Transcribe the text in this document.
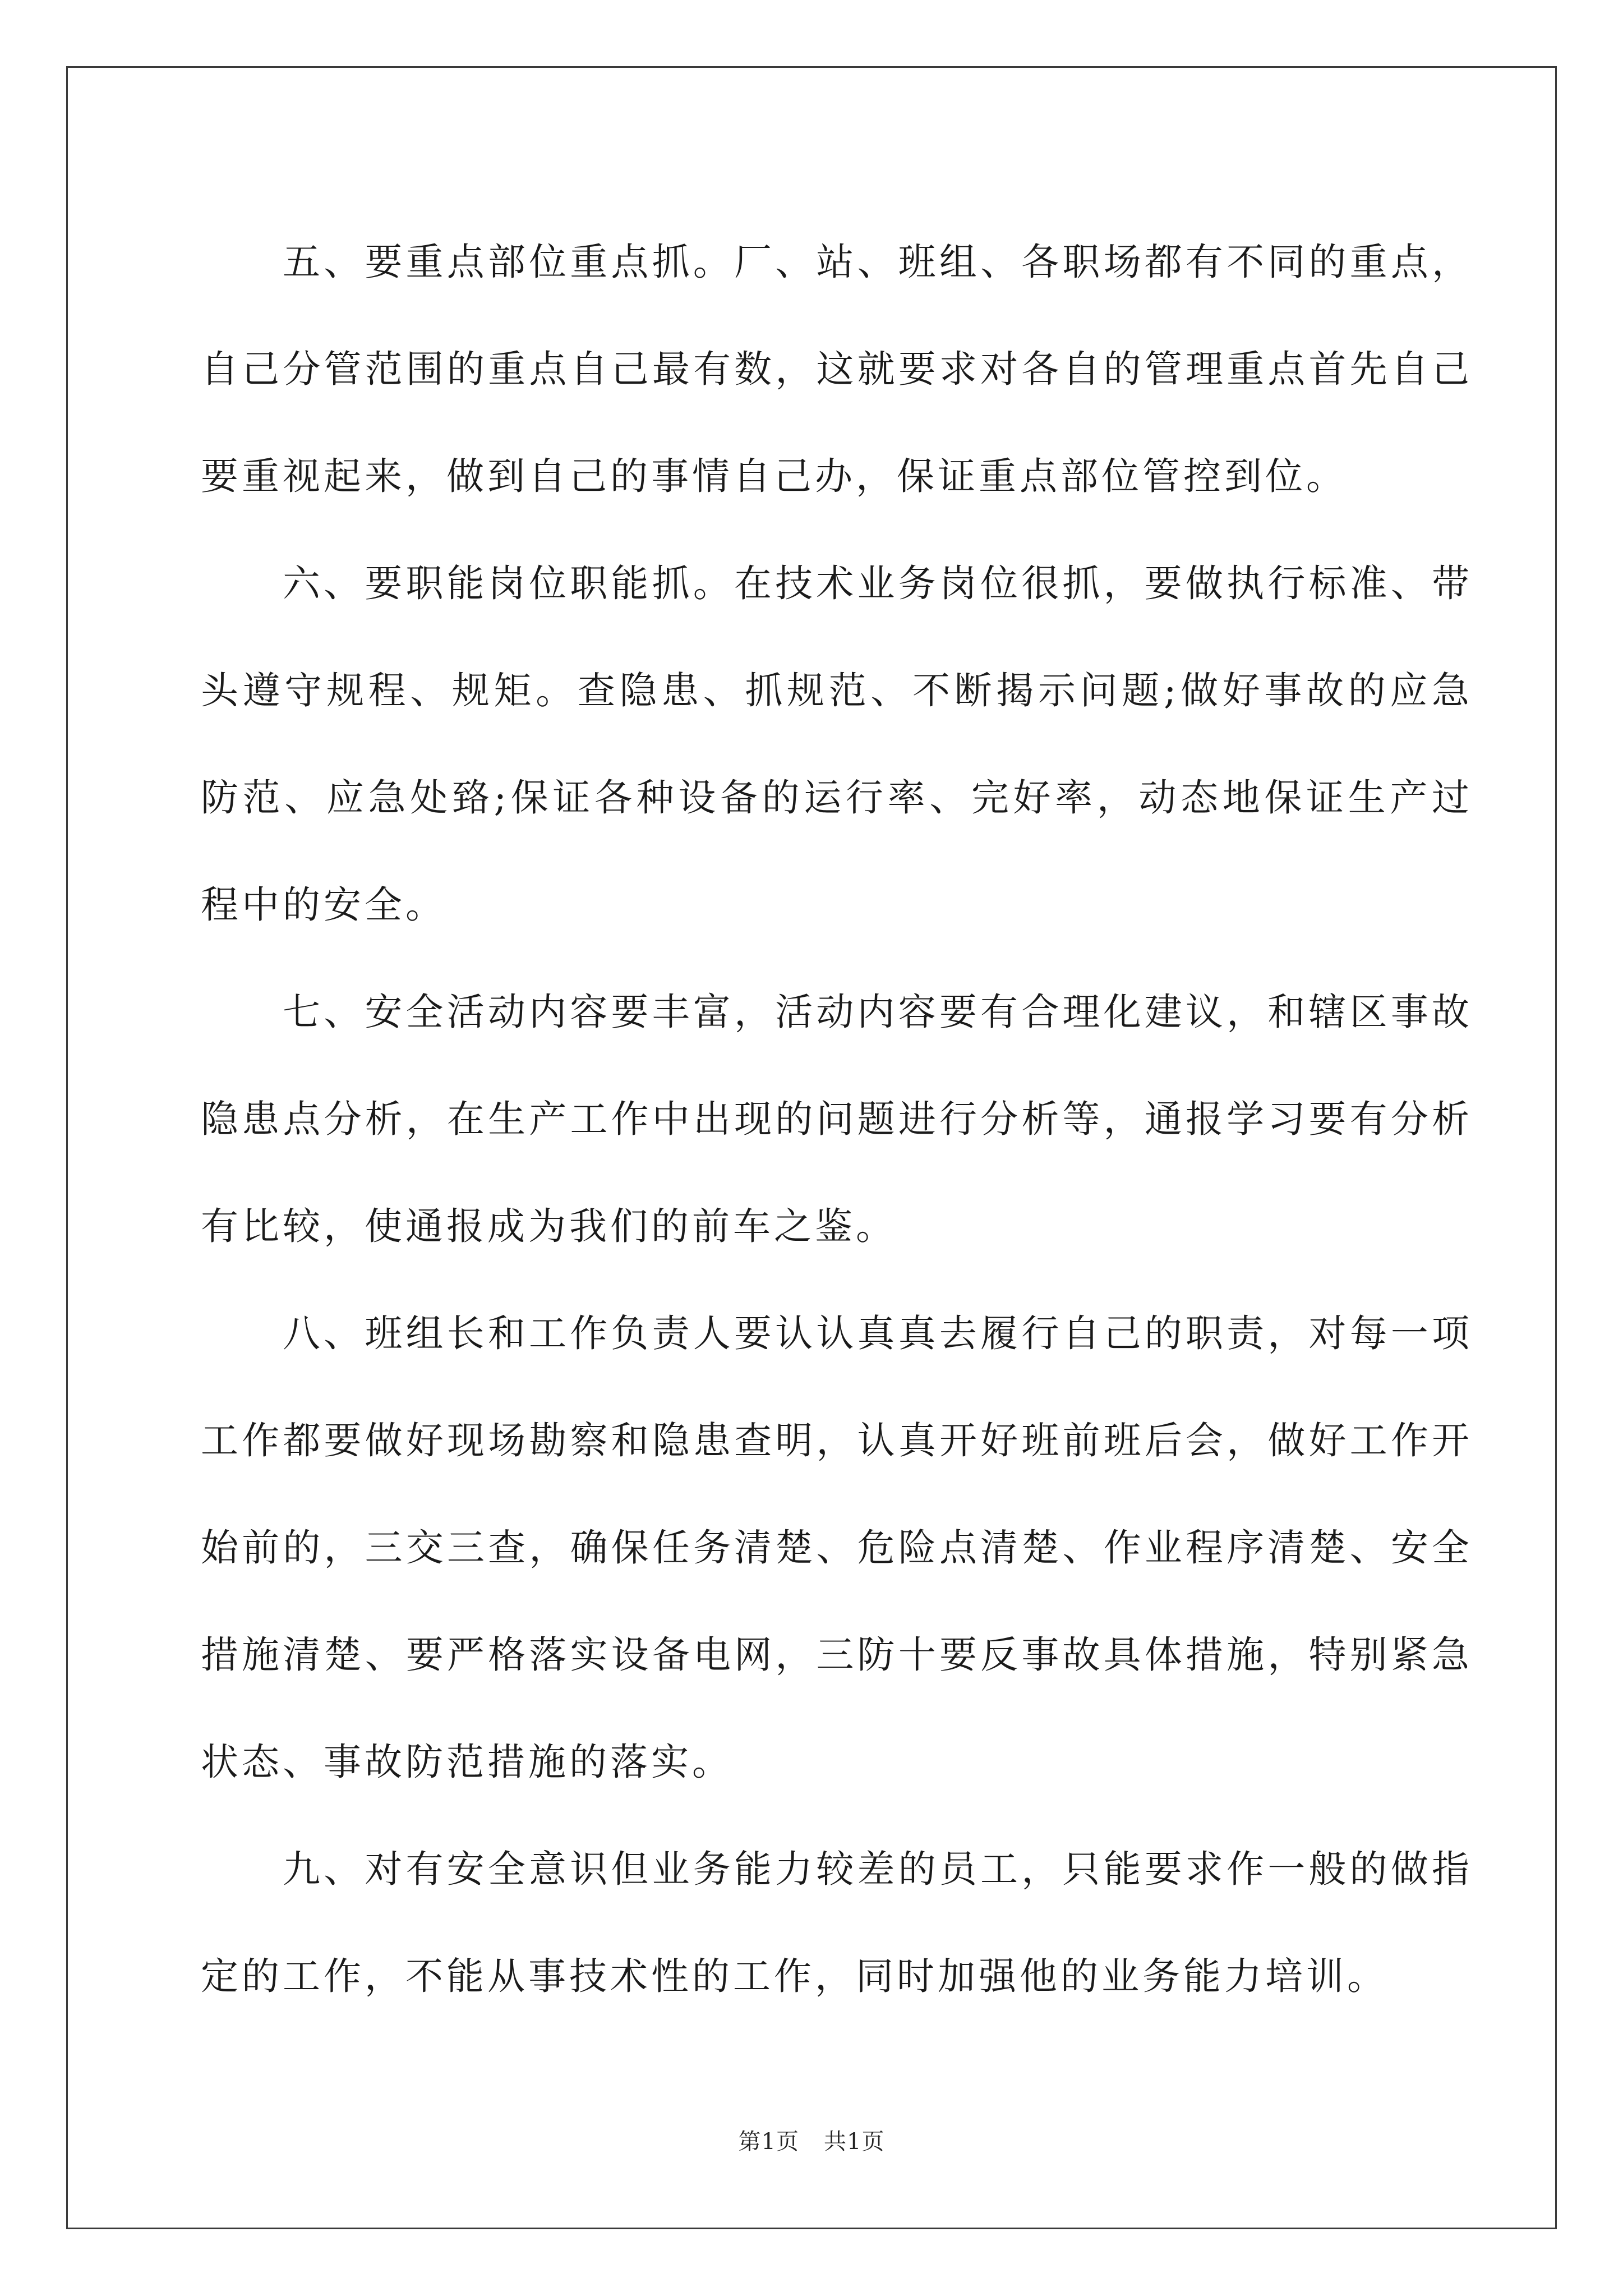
五、要重点部位重点抓。厂、站、班组、各职场都有不同的重点，自己分管范围的重点自己最有数，这就要求对各自的管理重点首先自己要重视起来，做到自己的事情自己办，保证重点部位管控到位。

六、要职能岗位职能抓。在技术业务岗位很抓，要做执行标准、带头遵守规程、规矩。查隐患、抓规范、不断揭示问题;做好事故的应急防范、应急处臵;保证各种设备的运行率、完好率，动态地保证生产过程中的安全。

七、安全活动内容要丰富，活动内容要有合理化建议，和辖区事故隐患点分析，在生产工作中出现的问题进行分析等，通报学习要有分析有比较，使通报成为我们的前车之鉴。

八、班组长和工作负责人要认认真真去履行自己的职责，对每一项工作都要做好现场勘察和隐患查明，认真开好班前班后会，做好工作开始前的，三交三查，确保任务清楚、危险点清楚、作业程序清楚、安全措施清楚、要严格落实设备电网，三防十要反事故具体措施，特别紧急状态、事故防范措施的落实。

九、对有安全意识但业务能力较差的员工，只能要求作一般的做指定的工作，不能从事技术性的工作，同时加强他的业务能力培训。

第1页 共1页
